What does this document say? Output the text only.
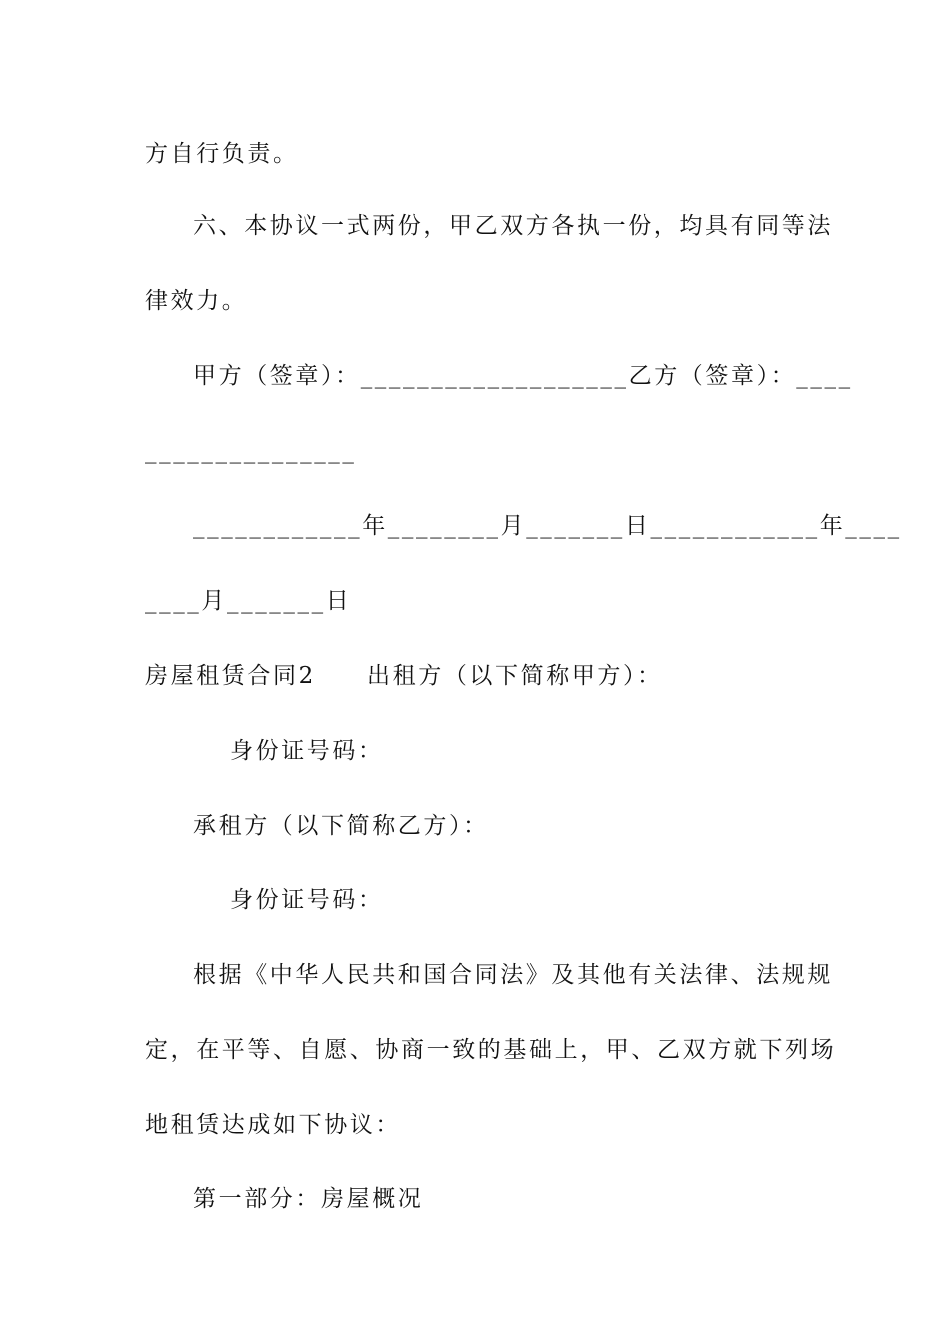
方自行负责。
六、本协议一式两份，甲乙双方各执一份，均具有同等法
律效力。
甲方（签章）：___________________乙方（签章）：____
_______________
____________年________月_______日____________年____
____月_______日
房屋租赁合同2　　出租方（以下简称甲方）：
身份证号码：
承租方（以下简称乙方）：
身份证号码：
根据《中华人民共和国合同法》及其他有关法律、法规规
定，在平等、自愿、协商一致的基础上，甲、乙双方就下列场
地租赁达成如下协议：
第一部分：房屋概况
